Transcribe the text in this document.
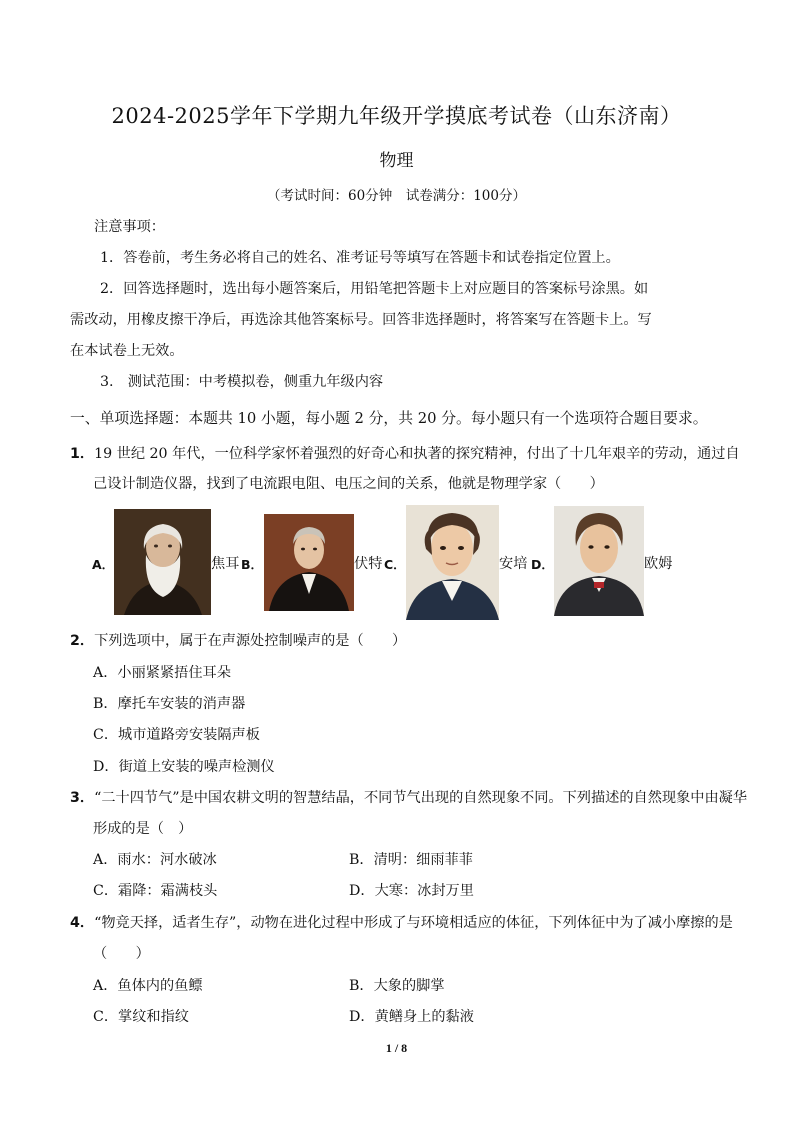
2024-2025学年下学期九年级开学摸底考试卷（山东济南）
物理
（考试时间：60分钟　试卷满分：100分）
注意事项：
1．答卷前，考生务必将自己的姓名、准考证号等填写在答题卡和试卷指定位置上。
2．回答选择题时，选出每小题答案后，用铅笔把答题卡上对应题目的答案标号涂黑。如
需改动，用橡皮擦干净后，再选涂其他答案标号。回答非选择题时，将答案写在答题卡上。写
在本试卷上无效。
3.　测试范围：中考模拟卷，侧重九年级内容
一、单项选择题：本题共 10 小题，每小题 2 分，共 20 分。每小题只有一个选项符合题目要求。
1．19 世纪 20 年代，一位科学家怀着强烈的好奇心和执著的探究精神，付出了十几年艰辛的劳动，通过自
己设计制造仪器，找到了电流跟电阻、电压之间的关系，他就是物理学家（　　）
A．	焦耳 B．	伏特 C．	安培 D．	欧姆
2．下列选项中，属于在声源处控制噪声的是（　　）
A．小丽紧紧捂住耳朵
B．摩托车安装的消声器
C．城市道路旁安装隔声板
D．街道上安装的噪声检测仪
3．“二十四节气”是中国农耕文明的智慧结晶，不同节气出现的自然现象不同。下列描述的自然现象中由凝华
形成的是（　）
A．雨水：河水破冰	B．清明：细雨菲菲
C．霜降：霜满枝头	D．大寒：冰封万里
4．“物竞天择，适者生存”，动物在进化过程中形成了与环境相适应的体征，下列体征中为了减小摩擦的是
（　　）
A．鱼体内的鱼鳔	B．大象的脚掌
C．掌纹和指纹	D．黄鳝身上的黏液
1 / 8
